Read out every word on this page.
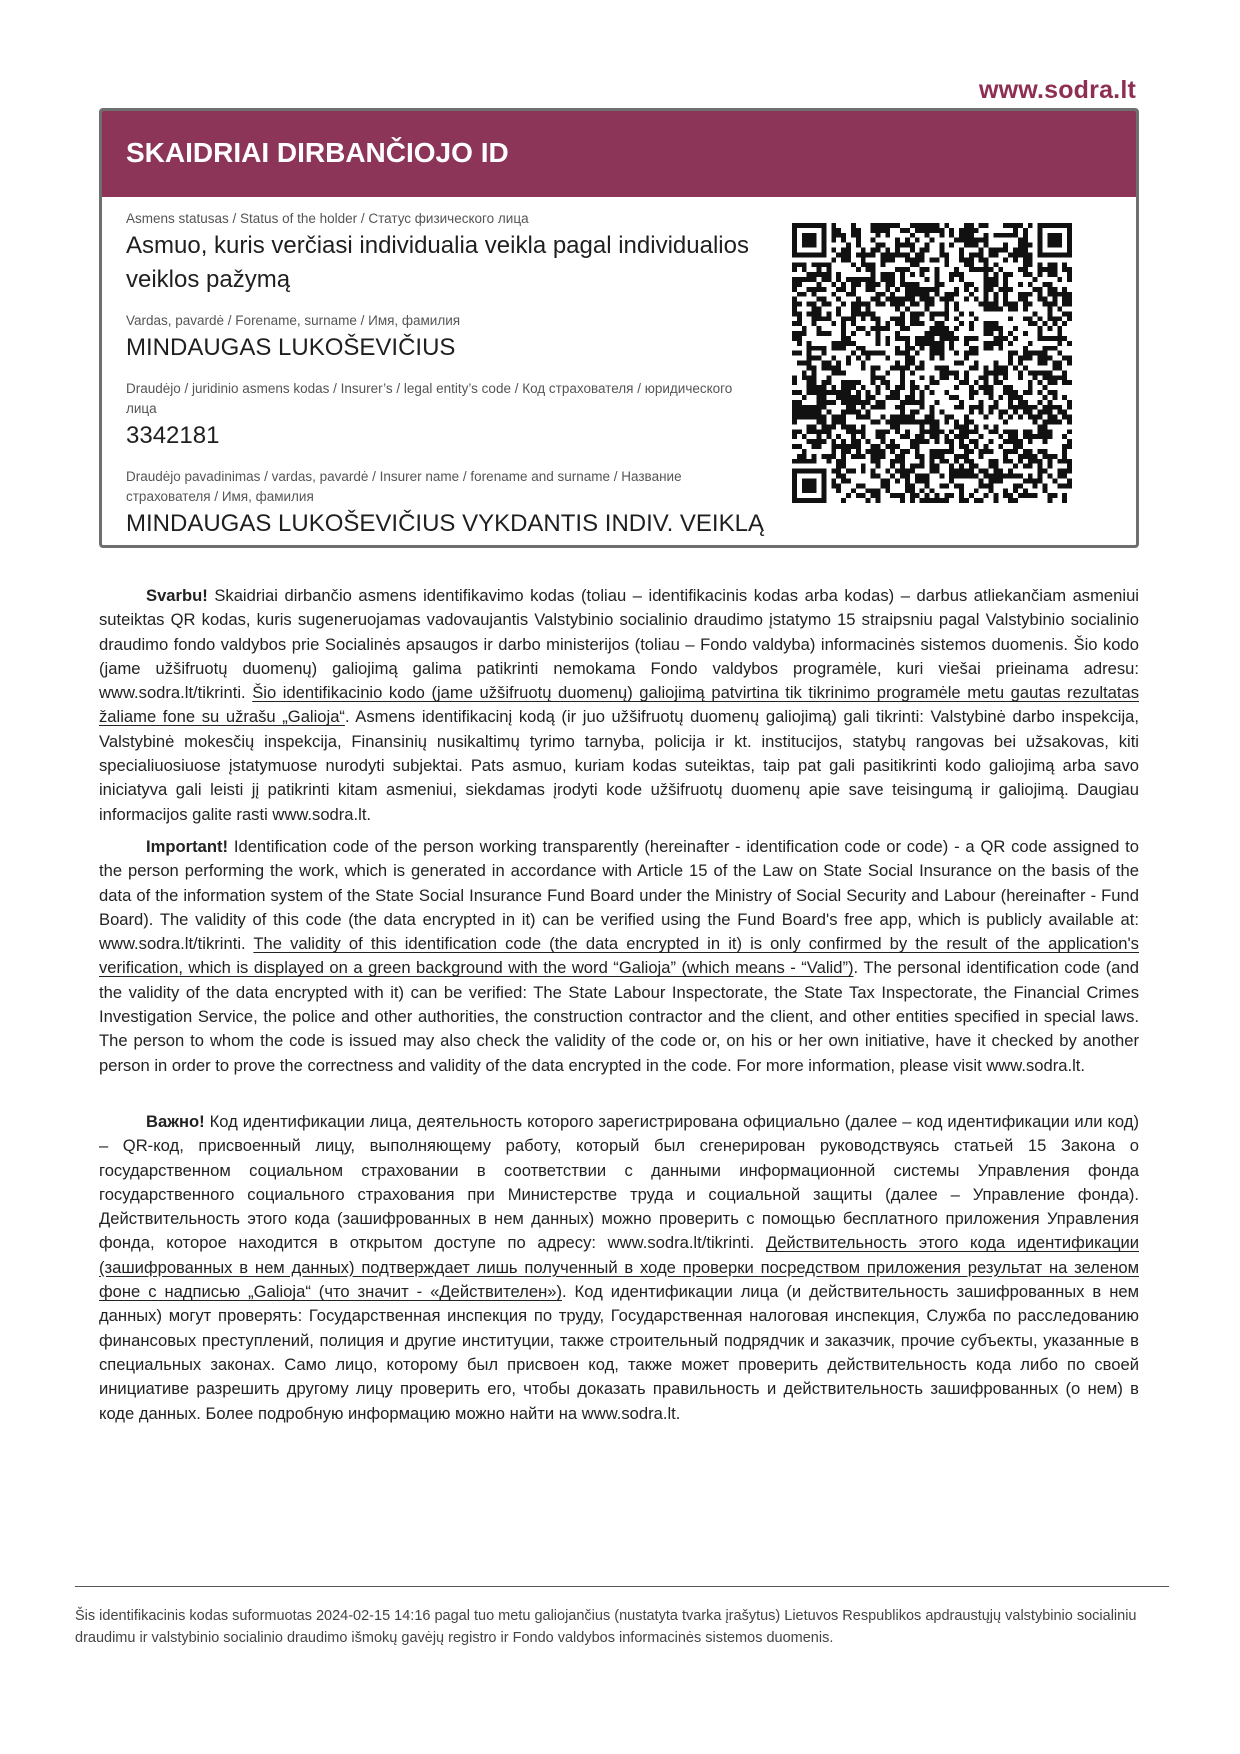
www.sodra.lt
SKAIDRIAI DIRBANČIOJO ID
Asmens statusas / Status of the holder / Статус физического лица
Asmuo, kuris verčiasi individualia veikla pagal individualios veiklos pažymą
Vardas, pavardė / Forename, surname / Имя, фамилия
MINDAUGAS LUKOŠEVIČIUS
Draudėjo / juridinio asmens kodas / Insurer’s / legal entity’s code / Код страхователя / юридического лица
3342181
Draudėjo pavadinimas / vardas, pavardė / Insurer name / forename and surname / Название страхователя / Имя, фамилия
MINDAUGAS LUKOŠEVIČIUS VYKDANTIS INDIV. VEIKLĄ

Svarbu! Skaidriai dirbančio asmens identifikavimo kodas (toliau – identifikacinis kodas arba kodas) – darbus atliekančiam asmeniui suteiktas QR kodas, kuris sugeneruojamas vadovaujantis Valstybinio socialinio draudimo įstatymo 15 straipsniu pagal Valstybinio socialinio draudimo fondo valdybos prie Socialinės apsaugos ir darbo ministerijos (toliau – Fondo valdyba) informacinės sistemos duomenis. Šio kodo (jame užšifruotų duomenų) galiojimą galima patikrinti nemokama Fondo valdybos programėle, kuri viešai prieinama adresu: www.sodra.lt/tikrinti. Šio identifikacinio kodo (jame užšifruotų duomenų) galiojimą patvirtina tik tikrinimo programėle metu gautas rezultatas žaliame fone su užrašu „Galioja“. Asmens identifikacinį kodą (ir juo užšifruotų duomenų galiojimą) gali tikrinti: Valstybinė darbo inspekcija, Valstybinė mokesčių inspekcija, Finansinių nusikaltimų tyrimo tarnyba, policija ir kt. institucijos, statybų rangovas bei užsakovas, kiti specialiuosiuose įstatymuose nurodyti subjektai. Pats asmuo, kuriam kodas suteiktas, taip pat gali pasitikrinti kodo galiojimą arba savo iniciatyva gali leisti jį patikrinti kitam asmeniui, siekdamas įrodyti kode užšifruotų duomenų apie save teisingumą ir galiojimą. Daugiau informacijos galite rasti www.sodra.lt.

Important! Identification code of the person working transparently (hereinafter - identification code or code) - a QR code assigned to the person performing the work, which is generated in accordance with Article 15 of the Law on State Social Insurance on the basis of the data of the information system of the State Social Insurance Fund Board under the Ministry of Social Security and Labour (hereinafter - Fund Board). The validity of this code (the data encrypted in it) can be verified using the Fund Board's free app, which is publicly available at: www.sodra.lt/tikrinti. The validity of this identification code (the data encrypted in it) is only confirmed by the result of the application's verification, which is displayed on a green background with the word “Galioja” (which means - “Valid”). The personal identification code (and the validity of the data encrypted with it) can be verified: The State Labour Inspectorate, the State Tax Inspectorate, the Financial Crimes Investigation Service, the police and other authorities, the construction contractor and the client, and other entities specified in special laws. The person to whom the code is issued may also check the validity of the code or, on his or her own initiative, have it checked by another person in order to prove the correctness and validity of the data encrypted in the code. For more information, please visit www.sodra.lt.

Важно! Код идентификации лица, деятельность которого зарегистрирована официально (далее – код идентификации или код) – QR-код, присвоенный лицу, выполняющему работу, который был сгенерирован руководствуясь статьей 15 Закона о государственном социальном страховании в соответствии с данными информационной системы Управления фонда государственного социального страхования при Министерстве труда и социальной защиты (далее – Управление фонда). Действительность этого кода (зашифрованных в нем данных) можно проверить с помощью бесплатного приложения Управления фонда, которое находится в открытом доступе по адресу: www.sodra.lt/tikrinti. Действительность этого кода идентификации (зашифрованных в нем данных) подтверждает лишь полученный в ходе проверки посредством приложения результат на зеленом фоне с надписью „Galioja“ (что значит - «Действителен»). Код идентификации лица (и действительность зашифрованных в нем данных) могут проверять: Государственная инспекция по труду, Государственная налоговая инспекция, Служба по расследованию финансовых преступлений, полиция и другие институции, также строительный подрядчик и заказчик, прочие субъекты, указанные в специальных законах. Само лицо, которому был присвоен код, также может проверить действительность кода либо по своей инициативе разрешить другому лицу проверить его, чтобы доказать правильность и действительность зашифрованных (о нем) в коде данных. Более подробную информацию можно найти на www.sodra.lt.

Šis identifikacinis kodas suformuotas 2024-02-15 14:16 pagal tuo metu galiojančius (nustatyta tvarka įrašytus) Lietuvos Respublikos apdraustųjų valstybinio socialiniu draudimu ir valstybinio socialinio draudimo išmokų gavėjų registro ir Fondo valdybos informacinės sistemos duomenis.
